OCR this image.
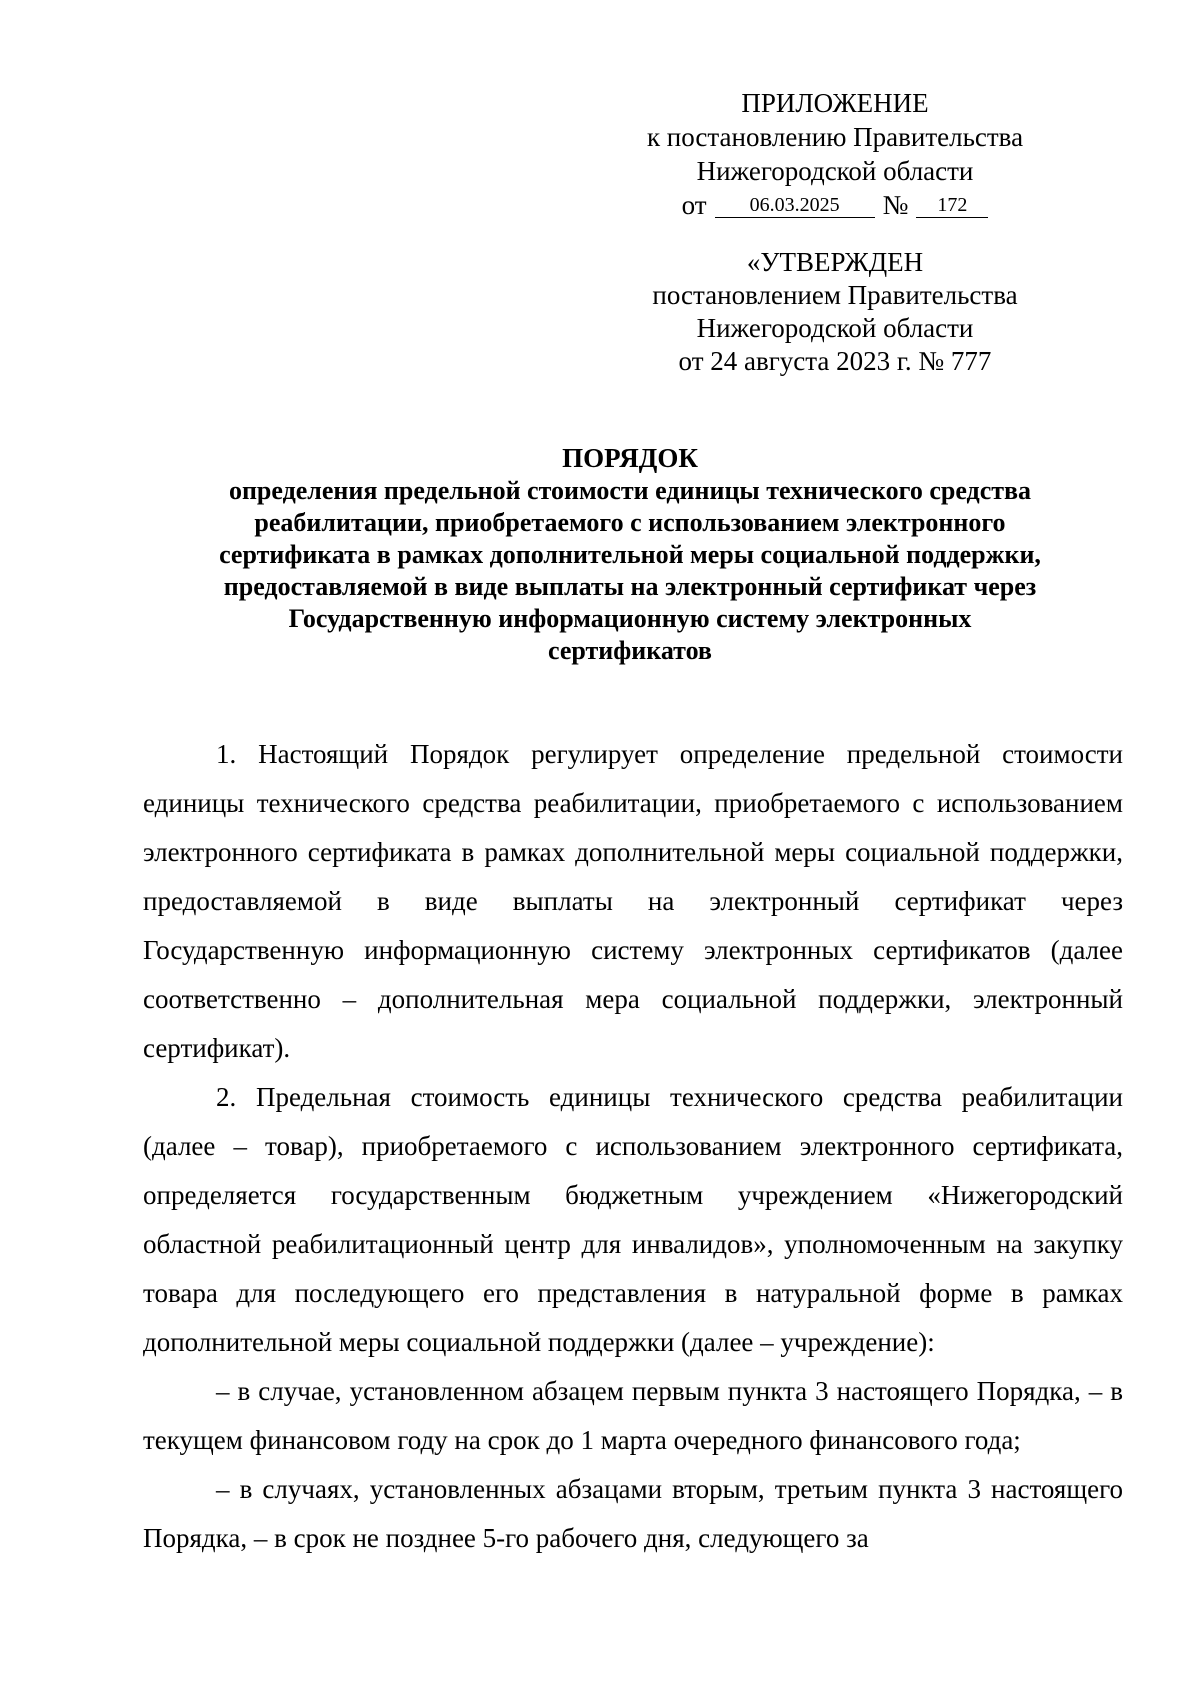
ПРИЛОЖЕНИЕ
к постановлению Правительства
Нижегородской области
от	06.03.2025	№	172
«УТВЕРЖДЕН
постановлением Правительства
Нижегородской области
от 24 августа 2023 г. № 777
ПОРЯДОК
определения предельной стоимости единицы технического средства
реабилитации, приобретаемого с использованием электронного
сертификата в рамках дополнительной меры социальной поддержки,
предоставляемой в виде выплаты на электронный сертификат через
Государственную информационную систему электронных
сертификатов

1. Настоящий Порядок регулирует определение предельной стоимости единицы технического средства реабилитации, приобретаемого с использованием электронного сертификата в рамках дополнительной меры социальной поддержки, предоставляемой в виде выплаты на электронный сертификат через Государственную информационную систему электронных сертификатов (далее соответственно – дополнительная мера социальной поддержки, электронный сертификат).

2. Предельная стоимость единицы технического средства реабилитации (далее – товар), приобретаемого с использованием электронного сертификата, определяется государственным бюджетным учреждением «Нижегородский областной реабилитационный центр для инвалидов», уполномоченным на закупку товара для последующего его представления в натуральной форме в рамках дополнительной меры социальной поддержки (далее – учреждение):

– в случае, установленном абзацем первым пункта 3 настоящего Порядка, – в текущем финансовом году на срок до 1 марта очередного финансового года;

– в случаях, установленных абзацами вторым, третьим пункта 3 настоящего Порядка, – в срок не позднее 5-го рабочего дня, следующего за
